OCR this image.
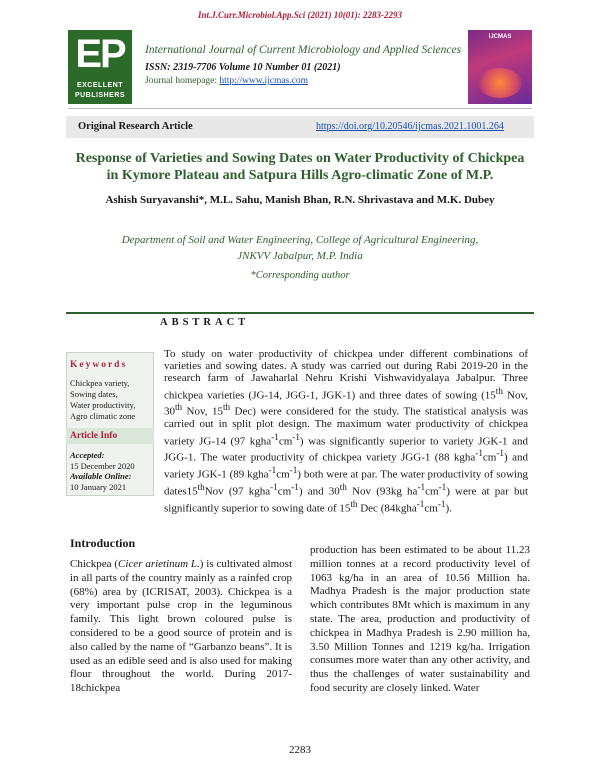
Int.J.Curr.Microbiol.App.Sci (2021) 10(01): 2283-2293
EP
EXCELLENT
PUBLISHERS
IJCMAS
International Journal of Current Microbiology and Applied Sciences
ISSN: 2319-7706 Volume 10 Number 01 (2021)
Journal homepage: http://www.ijcmas.com
Original Research Article	https://doi.org/10.20546/ijcmas.2021.1001.264
Response of Varieties and Sowing Dates on Water Productivity of Chickpea in Kymore Plateau and Satpura Hills Agro-climatic Zone of M.P.
Ashish Suryavanshi*, M.L. Sahu, Manish Bhan, R.N. Shrivastava and M.K. Dubey
Department of Soil and Water Engineering, College of Agricultural Engineering,
JNKVV Jabalpur, M.P. India
*Corresponding author
ABSTRACT
Keywords
Chickpea variety,
Sowing dates,
Water productivity,
Agro climatic zone
Article Info
Accepted:
15 December 2020
Available Online:
10 January 2021
To study on water productivity of chickpea under different combinations of varieties and sowing dates. A study was carried out during Rabi 2019-20 in the research farm of Jawaharlal Nehru Krishi Vishwavidyalaya Jabalpur. Three chickpea varieties (JG-14, JGG-1, JGK-1) and three dates of sowing (15th Nov, 30th Nov, 15th Dec) were considered for the study. The statistical analysis was carried out in split plot design. The maximum water productivity of chickpea variety JG-14 (97 $kgha^{-1}cm^{-1}$) was significantly superior to variety JGK-1 and JGG-1. The water productivity of chickpea variety JGG-1 (88 $kgha^{-1}cm^{-1}$) and variety JGK-1 (89 $kgha^{-1}cm^{-1}$) both were at par. The water productivity of sowing dates15thNov (97 $kgha^{-1}cm^{-1}$) and 30th Nov (93kg $ha^{-1}cm^{-1}$) were at par but significantly superior to sowing date of 15th Dec $(84kgha^{-1}cm^{-1})$.
Introduction
Chickpea (Cicer arietinum L.) is cultivated almost in all parts of the country mainly as a rainfed crop (68%) area by (ICRISAT, 2003). Chickpea is a very important pulse crop in the leguminous family. This light brown coloured pulse is considered to be a good source of protein and is also called by the name of “Garbanzo beans”. It is used as an edible seed and is also used for making flour throughout the world. During 2017-18chickpea
production has been estimated to be about 11.23 million tonnes at a record productivity level of 1063 kg/ha in an area of 10.56 Million ha. Madhya Pradesh is the major production state which contributes 8Mt which is maximum in any state. The area, production and productivity of chickpea in Madhya Pradesh is 2.90 million ha, 3.50 Million Tonnes and 1219 kg/ha. Irrigation consumes more water than any other activity, and thus the challenges of water sustainability and food security are closely linked. Water
2283
